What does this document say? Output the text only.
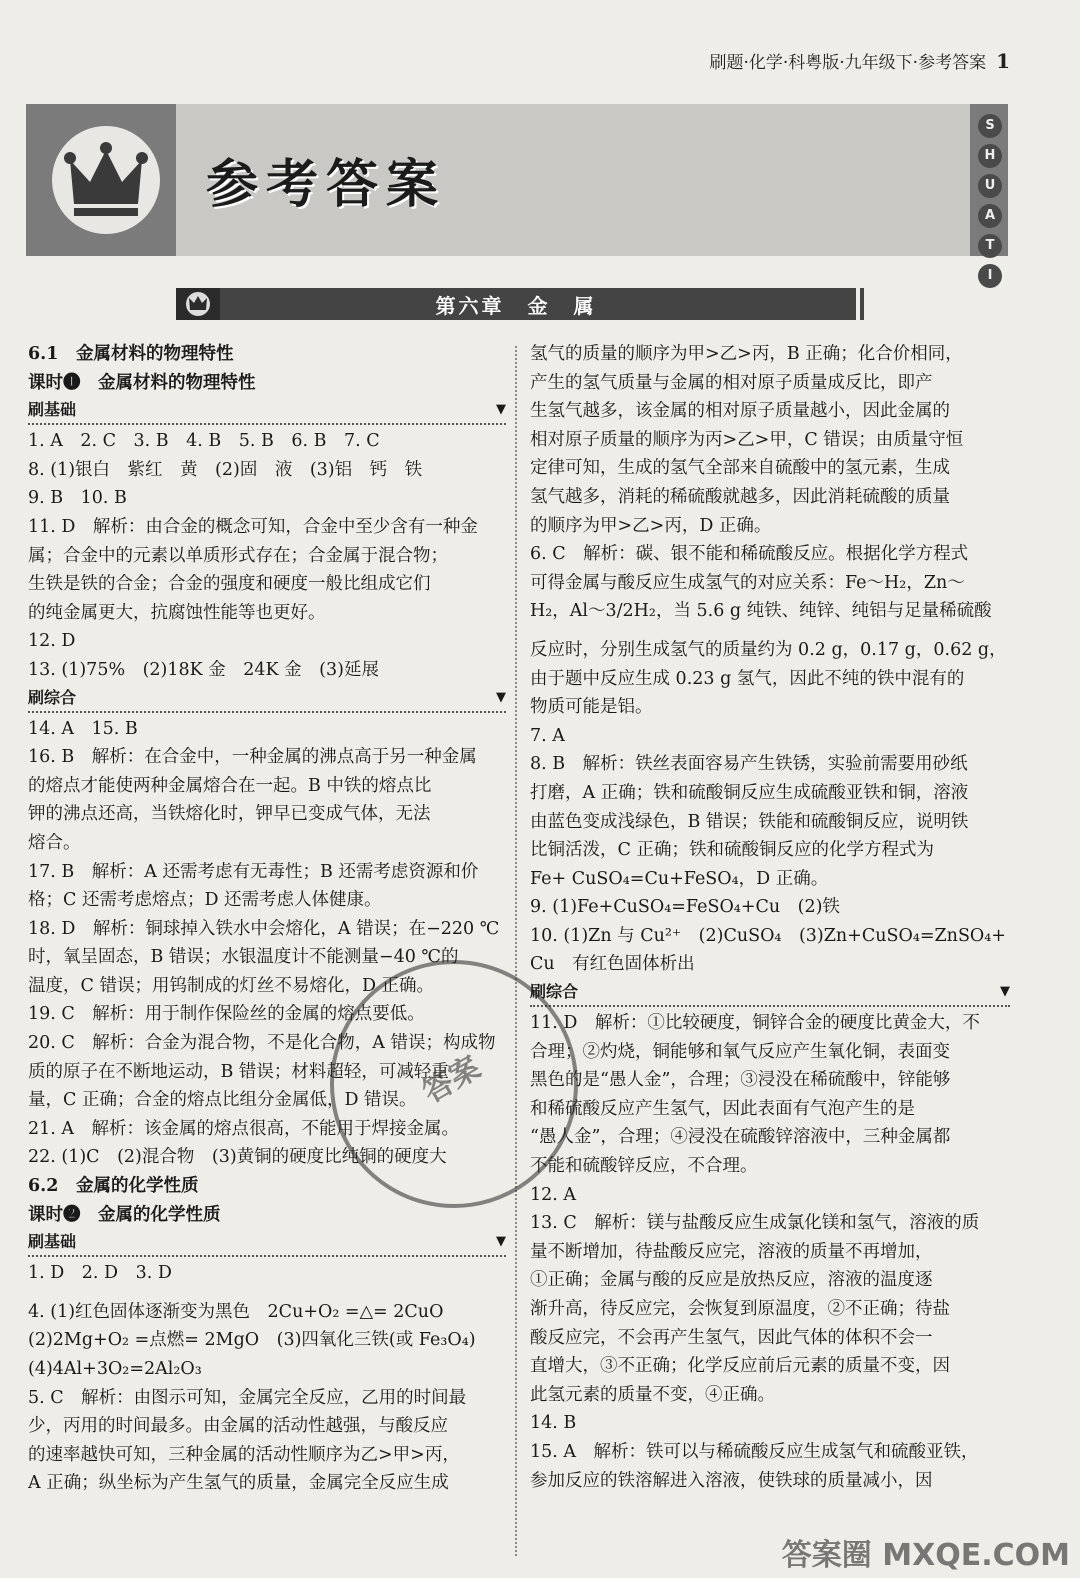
刷题·化学·科粤版·九年级下·参考答案 1
参考答案
S
H
U
A
T
I
第六章　金　属
6.1　金属材料的物理特性
课时❶　金属材料的物理特性
刷基础	▼
1. A　2. C　3. B　4. B　5. B　6. B　7. C
8. (1)银白　紫红　黄　(2)固　液　(3)铝　钙　铁
9. B　10. B
11. D　解析：由合金的概念可知，合金中至少含有一种金
属；合金中的元素以单质形式存在；合金属于混合物；
生铁是铁的合金；合金的强度和硬度一般比组成它们
的纯金属更大，抗腐蚀性能等也更好。
12. D
13. (1)75%　(2)18K 金　24K 金　(3)延展
刷综合	▼
14. A　15. B
16. B　解析：在合金中，一种金属的沸点高于另一种金属
的熔点才能使两种金属熔合在一起。B 中铁的熔点比
钾的沸点还高，当铁熔化时，钾早已变成气体，无法
熔合。
17. B　解析：A 还需考虑有无毒性；B 还需考虑资源和价
格；C 还需考虑熔点；D 还需考虑人体健康。
18. D　解析：铜球掉入铁水中会熔化，A 错误；在−220 ℃
时，氧呈固态，B 错误；水银温度计不能测量−40 ℃的
温度，C 错误；用钨制成的灯丝不易熔化，D 正确。
19. C　解析：用于制作保险丝的金属的熔点要低。
20. C　解析：合金为混合物，不是化合物，A 错误；构成物
质的原子在不断地运动，B 错误；材料超轻，可减轻重
量，C 正确；合金的熔点比组分金属低，D 错误。
21. A　解析：该金属的熔点很高，不能用于焊接金属。
22. (1)C　(2)混合物　(3)黄铜的硬度比纯铜的硬度大
6.2　金属的化学性质
课时❷　金属的化学性质
刷基础	▼
1. D　2. D　3. D
4. (1)红色固体逐渐变为黑色　2Cu+O₂ =△= 2CuO
(2)2Mg+O₂ =点燃= 2MgO　(3)四氧化三铁(或 Fe₃O₄)
(4)4Al+3O₂=2Al₂O₃
5. C　解析：由图示可知，金属完全反应，乙用的时间最
少，丙用的时间最多。由金属的活动性越强，与酸反应
的速率越快可知，三种金属的活动性顺序为乙>甲>丙，
A 正确；纵坐标为产生氢气的质量，金属完全反应生成
氢气的质量的顺序为甲>乙>丙，B 正确；化合价相同，
产生的氢气质量与金属的相对原子质量成反比，即产
生氢气越多，该金属的相对原子质量越小，因此金属的
相对原子质量的顺序为丙>乙>甲，C 错误；由质量守恒
定律可知，生成的氢气全部来自硫酸中的氢元素，生成
氢气越多，消耗的稀硫酸就越多，因此消耗硫酸的质量
的顺序为甲>乙>丙，D 正确。
6. C　解析：碳、银不能和稀硫酸反应。根据化学方程式
可得金属与酸反应生成氢气的对应关系：Fe～H₂，Zn～
H₂，Al～3/2H₂，当 5.6 g 纯铁、纯锌、纯铝与足量稀硫酸
反应时，分别生成氢气的质量约为 0.2 g，0.17 g，0.62 g，
由于题中反应生成 0.23 g 氢气，因此不纯的铁中混有的
物质可能是铝。
7. A
8. B　解析：铁丝表面容易产生铁锈，实验前需要用砂纸
打磨，A 正确；铁和硫酸铜反应生成硫酸亚铁和铜，溶液
由蓝色变成浅绿色，B 错误；铁能和硫酸铜反应，说明铁
比铜活泼，C 正确；铁和硫酸铜反应的化学方程式为
Fe+ CuSO₄=Cu+FeSO₄，D 正确。
9. (1)Fe+CuSO₄=FeSO₄+Cu　(2)铁
10. (1)Zn 与 Cu²⁺　(2)CuSO₄　(3)Zn+CuSO₄=ZnSO₄+
Cu　有红色固体析出
刷综合	▼
11. D　解析：①比较硬度，铜锌合金的硬度比黄金大，不
合理；②灼烧，铜能够和氧气反应产生氧化铜，表面变
黑色的是“愚人金”，合理；③浸没在稀硫酸中，锌能够
和稀硫酸反应产生氢气，因此表面有气泡产生的是
“愚人金”，合理；④浸没在硫酸锌溶液中，三种金属都
不能和硫酸锌反应，不合理。
12. A
13. C　解析：镁与盐酸反应生成氯化镁和氢气，溶液的质
量不断增加，待盐酸反应完，溶液的质量不再增加，
①正确；金属与酸的反应是放热反应，溶液的温度逐
渐升高，待反应完，会恢复到原温度，②不正确；待盐
酸反应完，不会再产生氢气，因此气体的体积不会一
直增大，③不正确；化学反应前后元素的质量不变，因
此氢元素的质量不变，④正确。
14. B
15. A　解析：铁可以与稀硫酸反应生成氢气和硫酸亚铁，
参加反应的铁溶解进入溶液，使铁球的质量减小，因
答案
答案圈 MXQE.COM
